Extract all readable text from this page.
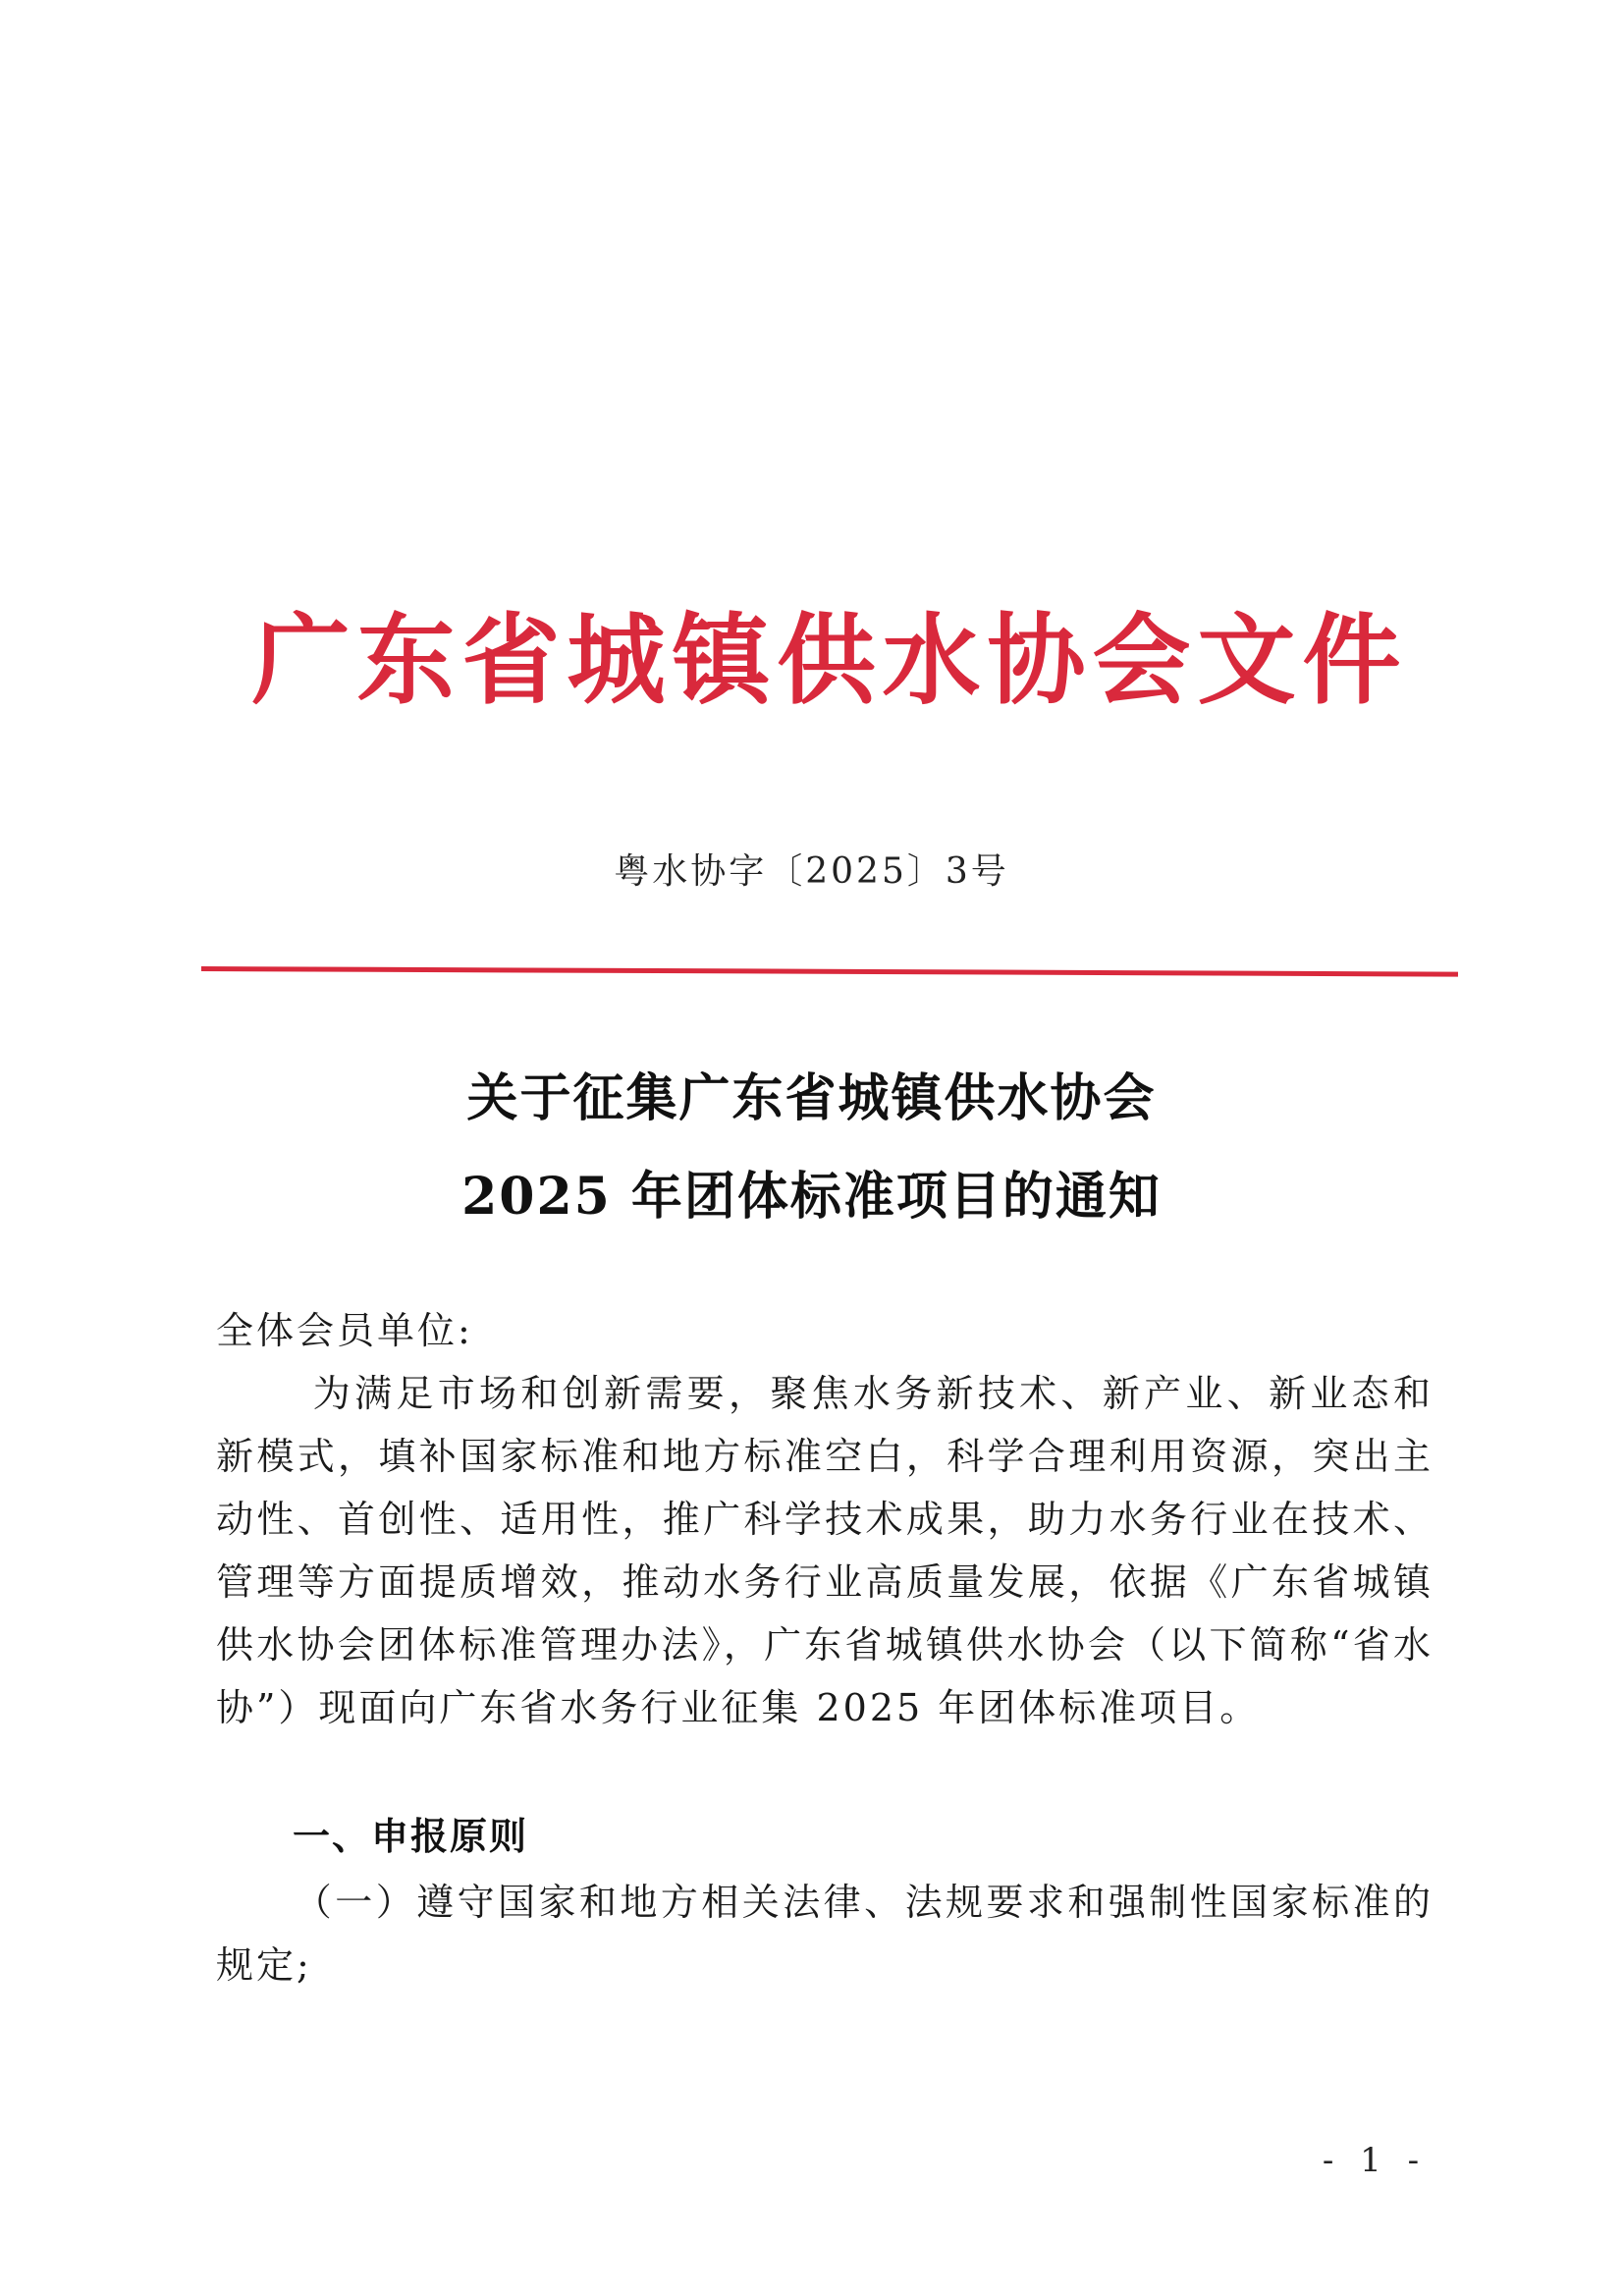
广东省城镇供水协会文件
粤水协字〔2025〕3号
关于征集广东省城镇供水协会
2025 年团体标准项目的通知
全体会员单位:

为满足市场和创新需要，聚焦水务新技术、新产业、新业态和新模式，填补国家标准和地方标准空白，科学合理利用资源，突出主动性、首创性、适用性，推广科学技术成果，助力水务行业在技术、管理等方面提质增效，推动水务行业高质量发展，依据《广东省城镇供水协会团体标准管理办法》，广东省城镇供水协会（以下简称“省水协”）现面向广东省水务行业征集 2025 年团体标准项目。

一、申报原则

（一）遵守国家和地方相关法律、法规要求和强制性国家标准的规定;

- 1 -
